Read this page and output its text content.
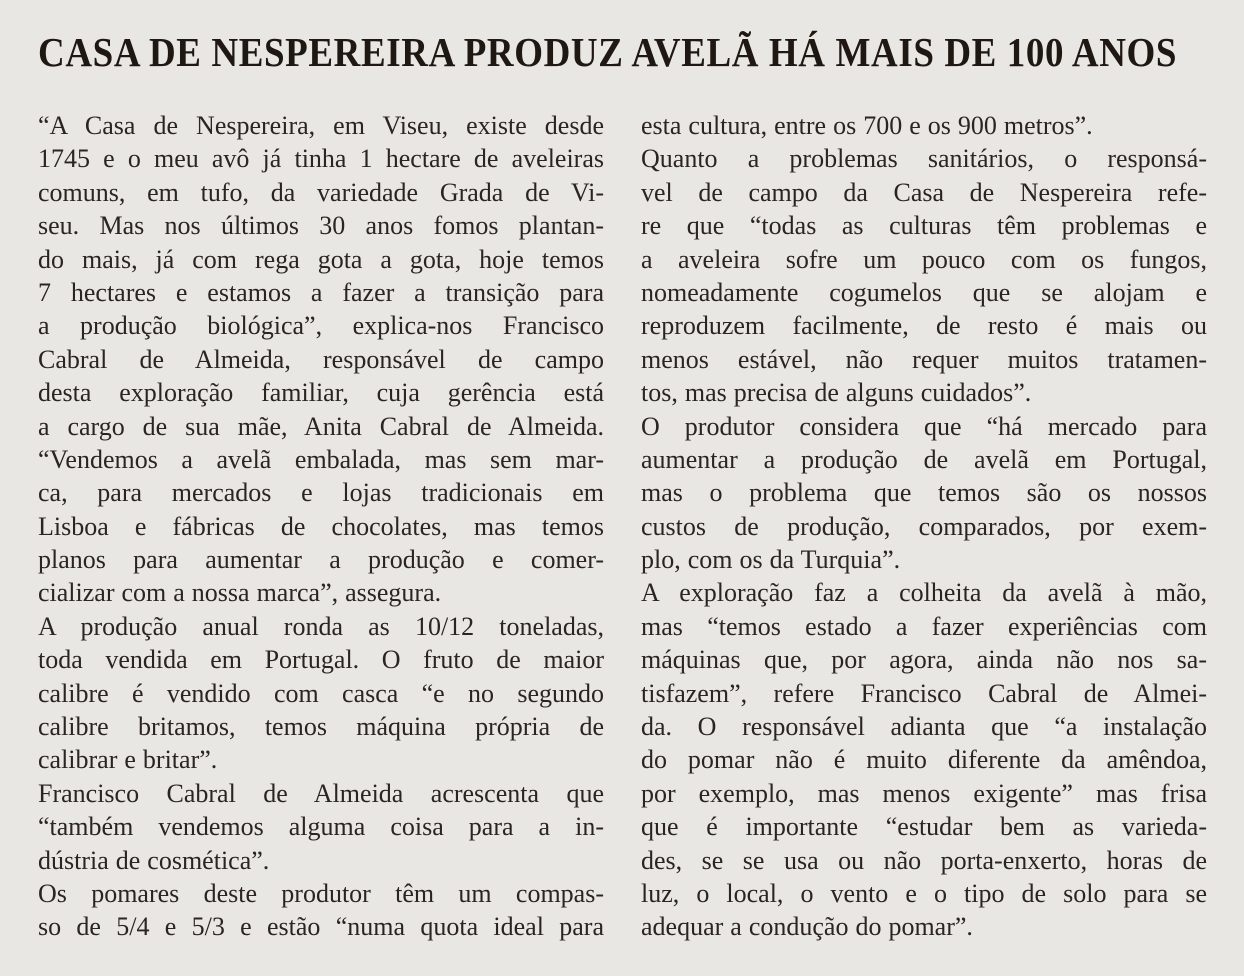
CASA DE NESPEREIRA PRODUZ AVELÃ HÁ MAIS DE 100 ANOS
“A Casa de Nespereira, em Viseu, existe desde
1745 e o meu avô já tinha 1 hectare de aveleiras
comuns, em tufo, da variedade Grada de Vi-
seu. Mas nos últimos 30 anos fomos plantan-
do mais, já com rega gota a gota, hoje temos
7 hectares e estamos a fazer a transição para
a produção biológica”, explica-nos Francisco
Cabral de Almeida, responsável de campo
desta exploração familiar, cuja gerência está
a cargo de sua mãe, Anita Cabral de Almeida.
“Vendemos a avelã embalada, mas sem mar-
ca, para mercados e lojas tradicionais em
Lisboa e fábricas de chocolates, mas temos
planos para aumentar a produção e comer-
cializar com a nossa marca”, assegura.
A produção anual ronda as 10/12 toneladas,
toda vendida em Portugal. O fruto de maior
calibre é vendido com casca “e no segundo
calibre britamos, temos máquina própria de
calibrar e britar”.
Francisco Cabral de Almeida acrescenta que
“também vendemos alguma coisa para a in-
dústria de cosmética”.
Os pomares deste produtor têm um compas-
so de 5/4 e 5/3 e estão “numa quota ideal para
esta cultura, entre os 700 e os 900 metros”.
Quanto a problemas sanitários, o responsá-
vel de campo da Casa de Nespereira refe-
re que “todas as culturas têm problemas e
a aveleira sofre um pouco com os fungos,
nomeadamente cogumelos que se alojam e
reproduzem facilmente, de resto é mais ou
menos estável, não requer muitos tratamen-
tos, mas precisa de alguns cuidados”.
O produtor considera que “há mercado para
aumentar a produção de avelã em Portugal,
mas o problema que temos são os nossos
custos de produção, comparados, por exem-
plo, com os da Turquia”.
A exploração faz a colheita da avelã à mão,
mas “temos estado a fazer experiências com
máquinas que, por agora, ainda não nos sa-
tisfazem”, refere Francisco Cabral de Almei-
da. O responsável adianta que “a instalação
do pomar não é muito diferente da amêndoa,
por exemplo, mas menos exigente” mas frisa
que é importante “estudar bem as varieda-
des, se se usa ou não porta-enxerto, horas de
luz, o local, o vento e o tipo de solo para se
adequar a condução do pomar”.
